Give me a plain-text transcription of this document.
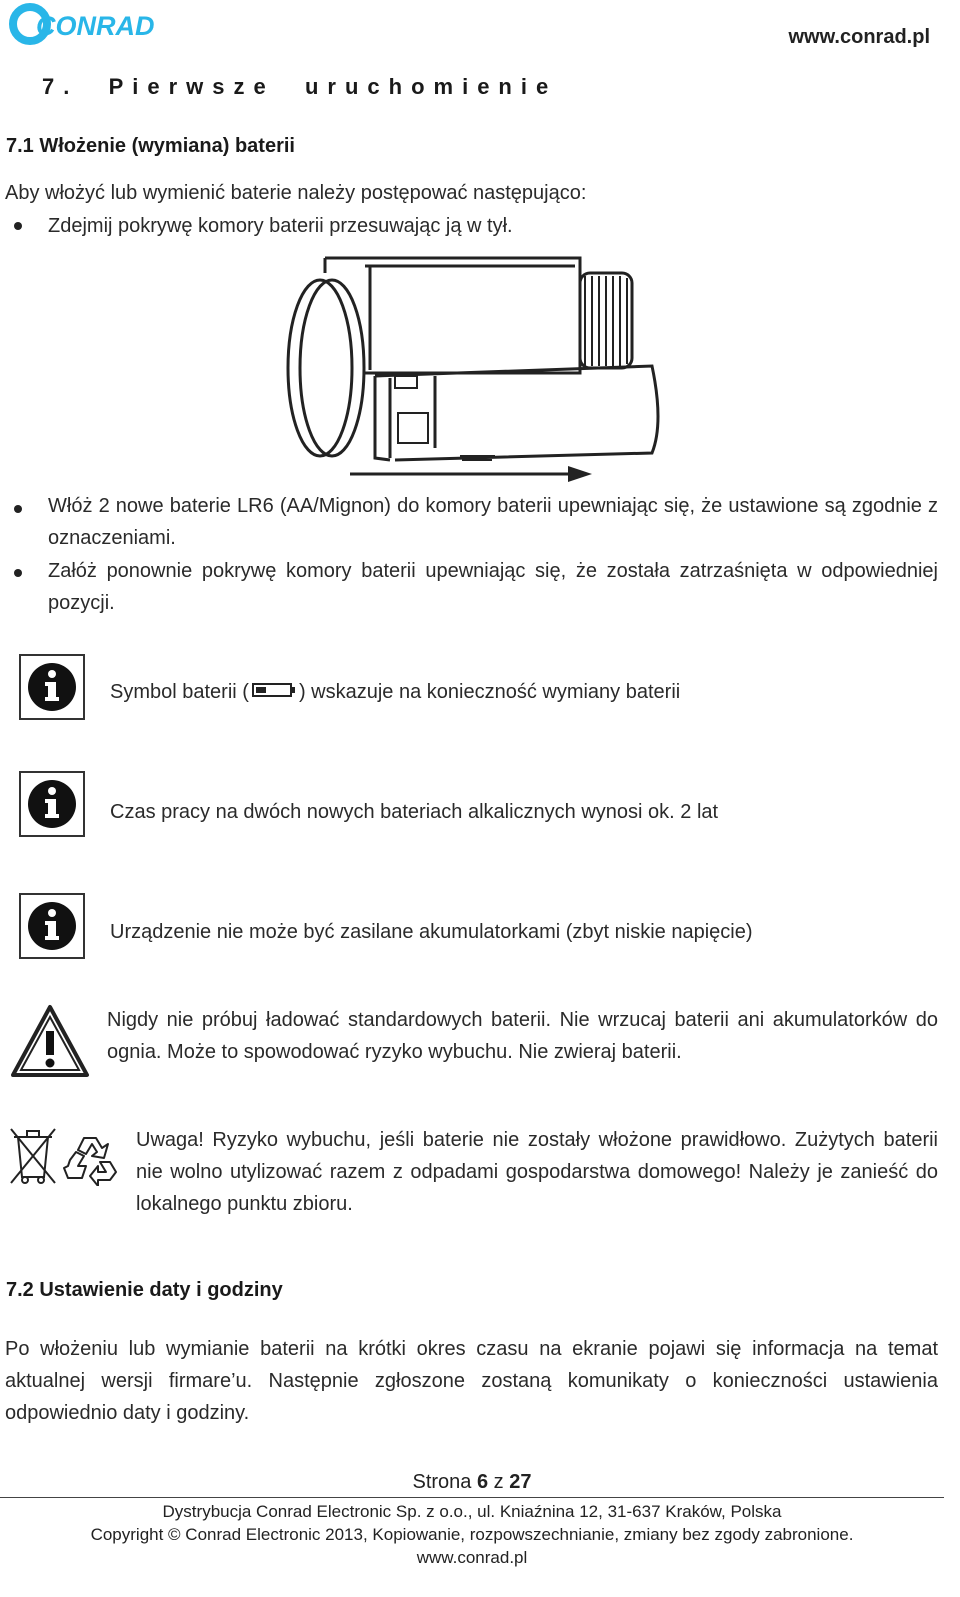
CONRAD	www.conrad.pl
7.  Pierwsze  uruchomienie
7.1 Włożenie (wymiana) baterii
Aby włożyć lub wymienić baterie należy postępować następująco:
Zdejmij pokrywę komory baterii przesuwając ją w tył.
Włóż 2 nowe baterie LR6 (AA/Mignon) do komory baterii upewniając się, że ustawione są zgodnie z oznaczeniami.
Załóż ponownie pokrywę komory baterii upewniając się, że została zatrzaśnięta w odpowiedniej pozycji.
Symbol baterii (	) wskazuje na konieczność wymiany baterii
Czas pracy na dwóch nowych bateriach alkalicznych wynosi ok. 2 lat
Urządzenie nie może być zasilane akumulatorkami (zbyt niskie napięcie)
Nigdy nie próbuj ładować standardowych baterii. Nie wrzucaj baterii ani akumulatorków do ognia. Może to spowodować ryzyko wybuchu. Nie zwieraj baterii.
Uwaga! Ryzyko wybuchu, jeśli baterie nie zostały włożone prawidłowo. Zużytych baterii nie wolno utylizować razem z odpadami gospodarstwa domowego! Należy je zanieść do lokalnego punktu zbioru.
7.2 Ustawienie daty i godziny
Po włożeniu lub wymianie baterii na krótki okres czasu na ekranie pojawi się informacja na temat aktualnej wersji firmare’u. Następnie zgłoszone zostaną komunikaty o konieczności ustawienia odpowiednio daty i godziny.
Strona 6 z 27
Dystrybucja Conrad Electronic Sp. z o.o., ul. Kniaźnina 12, 31-637 Kraków, Polska
Copyright © Conrad Electronic 2013, Kopiowanie, rozpowszechnianie, zmiany bez zgody zabronione.
www.conrad.pl
